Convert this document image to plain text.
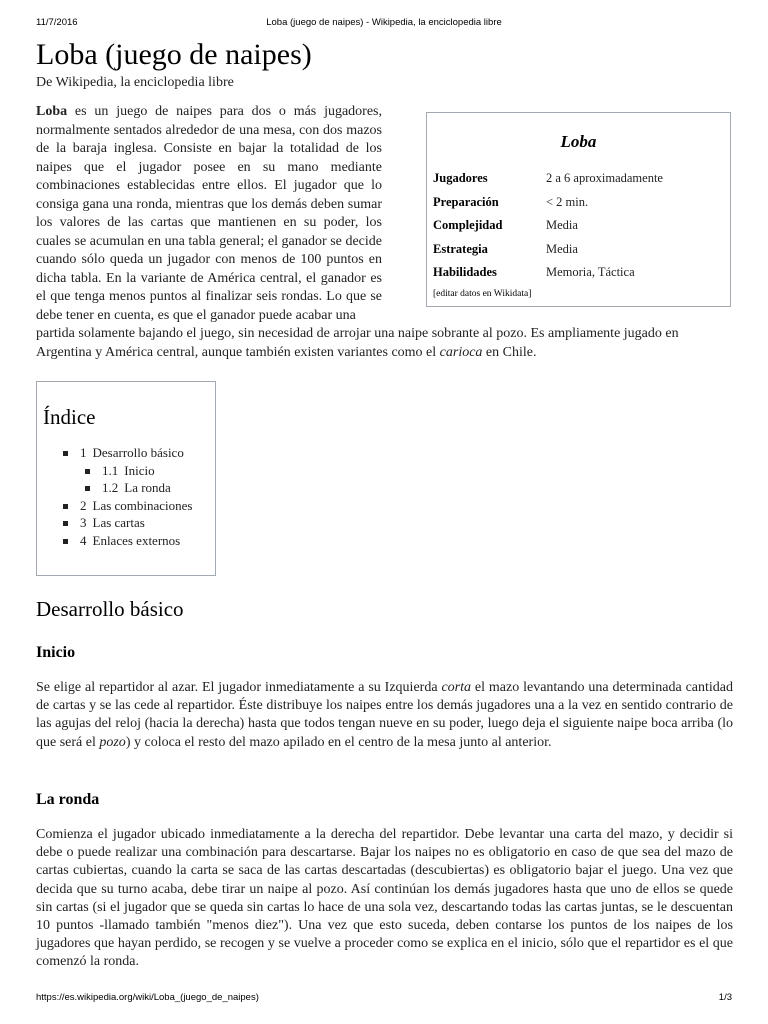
11/7/2016	Loba (juego de naipes) - Wikipedia, la enciclopedia libre
Loba (juego de naipes)
De Wikipedia, la enciclopedia libre
Loba
Jugadores	2 a 6 aproximadamente
Preparación	< 2 min.
Complejidad	Media
Estrategia	Media
Habilidades	Memoria, Táctica
[editar datos en Wikidata]
Loba es un juego de naipes para dos o más jugadores, normalmente sentados alrededor de una mesa, con dos mazos de la baraja inglesa. Consiste en bajar la totalidad de los naipes que el jugador posee en su mano mediante combinaciones establecidas entre ellos. El jugador que lo consiga gana una ronda, mientras que los demás deben sumar los valores de las cartas que mantienen en su poder, los cuales se acumulan en una tabla general; el ganador se decide cuando sólo queda un jugador con menos de 100 puntos en dicha tabla. En la variante de América central, el ganador es el que tenga menos puntos al finalizar seis rondas. Lo que se debe tener en cuenta, es que el ganador puede acabar una
partida solamente bajando el juego, sin necesidad de arrojar una naipe sobrante al pozo. Es ampliamente jugado en Argentina y América central, aunque también existen variantes como el carioca en Chile.
Índice
1 Desarrollo básico
1.1 Inicio
1.2 La ronda
2 Las combinaciones
3 Las cartas
4 Enlaces externos
Desarrollo básico
Inicio

Se elige al repartidor al azar. El jugador inmediatamente a su Izquierda corta el mazo levantando una determinada cantidad de cartas y se las cede al repartidor. Éste distribuye los naipes entre los demás jugadores una a la vez en sentido contrario de las agujas del reloj (hacia la derecha) hasta que todos tengan nueve en su poder, luego deja el siguiente naipe boca arriba (lo que será el pozo) y coloca el resto del mazo apilado en el centro de la mesa junto al anterior.

La ronda

Comienza el jugador ubicado inmediatamente a la derecha del repartidor. Debe levantar una carta del mazo, y decidir si debe o puede realizar una combinación para descartarse. Bajar los naipes no es obligatorio en caso de que sea del mazo de cartas cubiertas, cuando la carta se saca de las cartas descartadas (descubiertas) es obligatorio bajar el juego. Una vez que decida que su turno acaba, debe tirar un naipe al pozo. Así continúan los demás jugadores hasta que uno de ellos se quede sin cartas (si el jugador que se queda sin cartas lo hace de una sola vez, descartando todas las cartas juntas, se le descuentan 10 puntos -llamado también "menos diez"). Una vez que esto suceda, deben contarse los puntos de los naipes de los jugadores que hayan perdido, se recogen y se vuelve a proceder como se explica en el inicio, sólo que el repartidor es el que comenzó la ronda.

https://es.wikipedia.org/wiki/Loba_(juego_de_naipes)	1/3
